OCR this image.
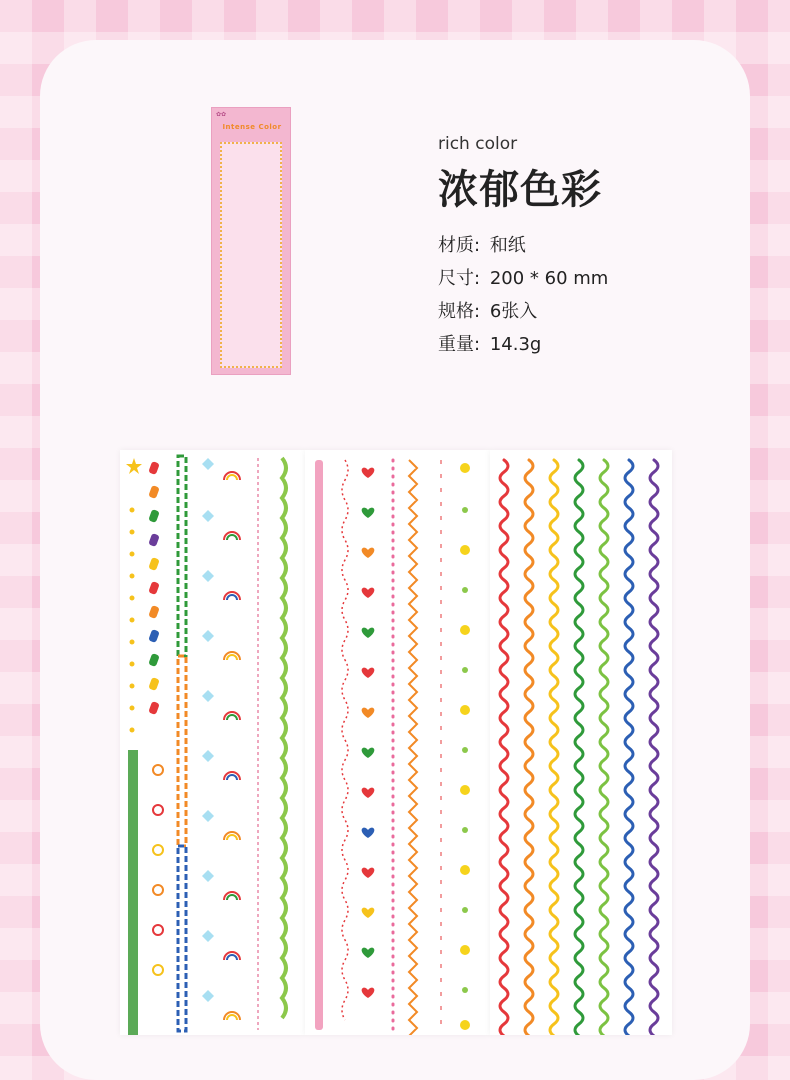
✿✿
Intense Color

rich color

浓郁色彩
材质: 和纸
尺寸: 200 * 60 mm
规格: 6张入
重量: 14.3g
